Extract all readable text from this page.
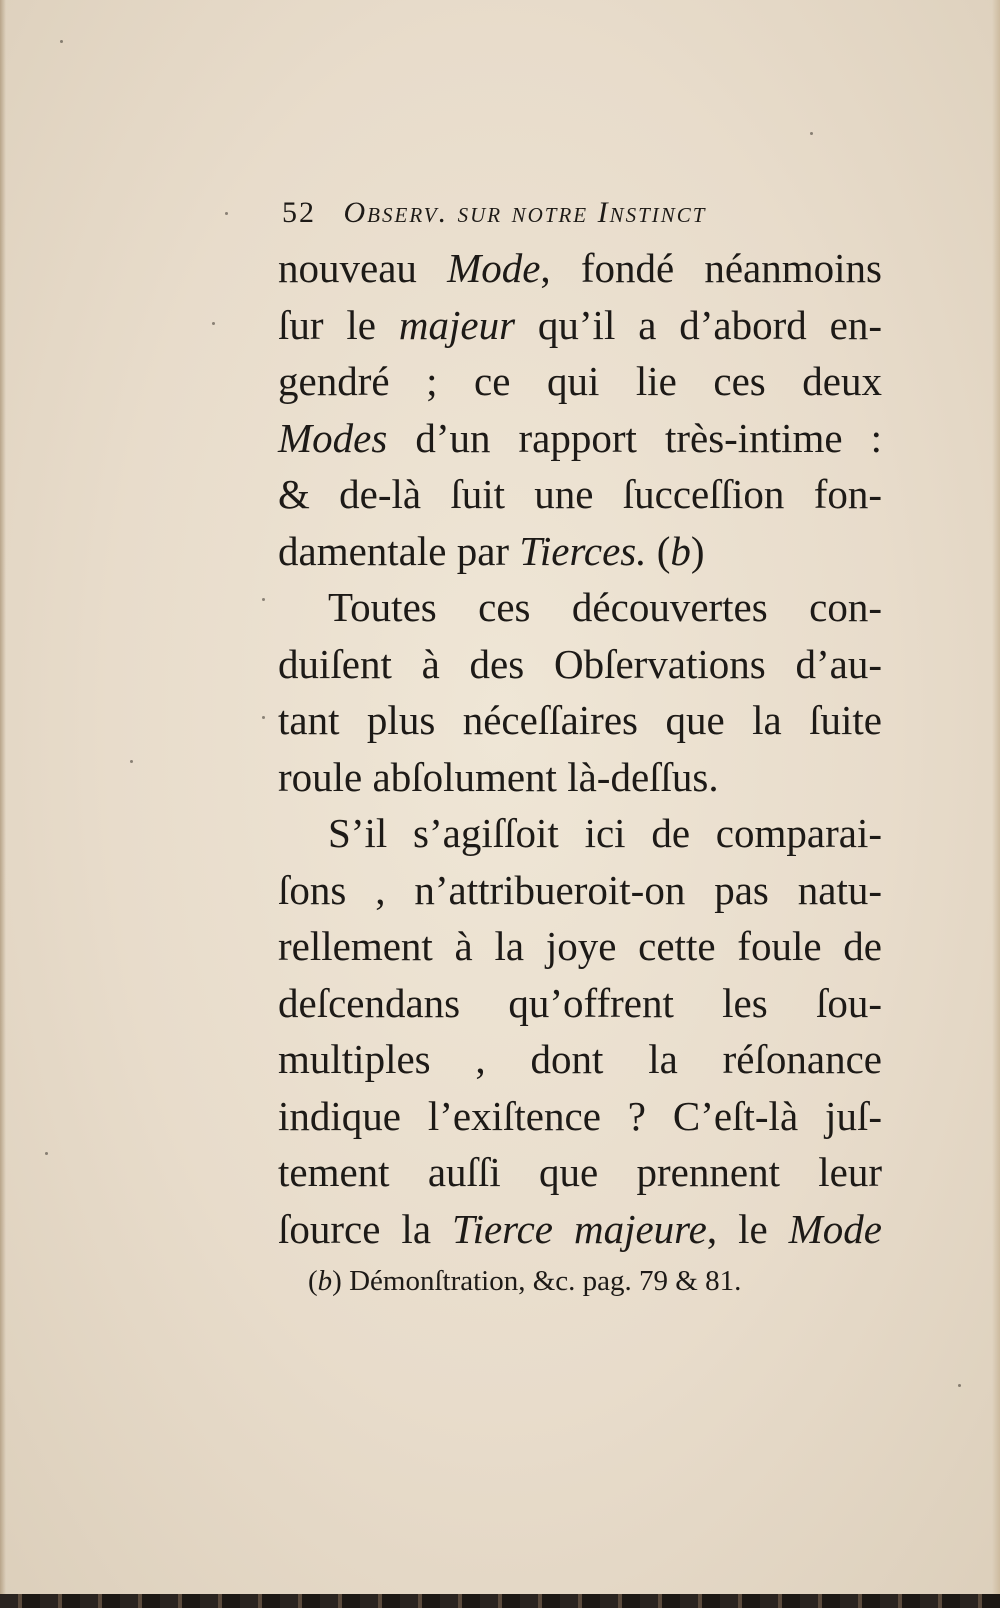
52 Observ. sur notre Instinct
nouveau Mode, fondé néanmoins
ſur le majeur qu’il a d’abord en-
gendré ; ce qui lie ces deux
Modes d’un rapport très-intime :
& de-là ſuit une ſucceſſion fon-
damentale par Tierces. (b)
Toutes ces découvertes con-
duiſent à des Obſervations d’au-
tant plus néceſſaires que la ſuite
roule abſolument là-deſſus.
S’il s’agiſſoit ici de comparai-
ſons , n’attribueroit-on pas natu-
rellement à la joye cette foule de
deſcendans qu’offrent les ſou-
multiples , dont la réſonance
indique l’exiſtence ? C’eſt-là juſ-
tement auſſi que prennent leur
ſource la Tierce majeure, le Mode
(b) Démonſtration, &c. pag. 79 & 81.
